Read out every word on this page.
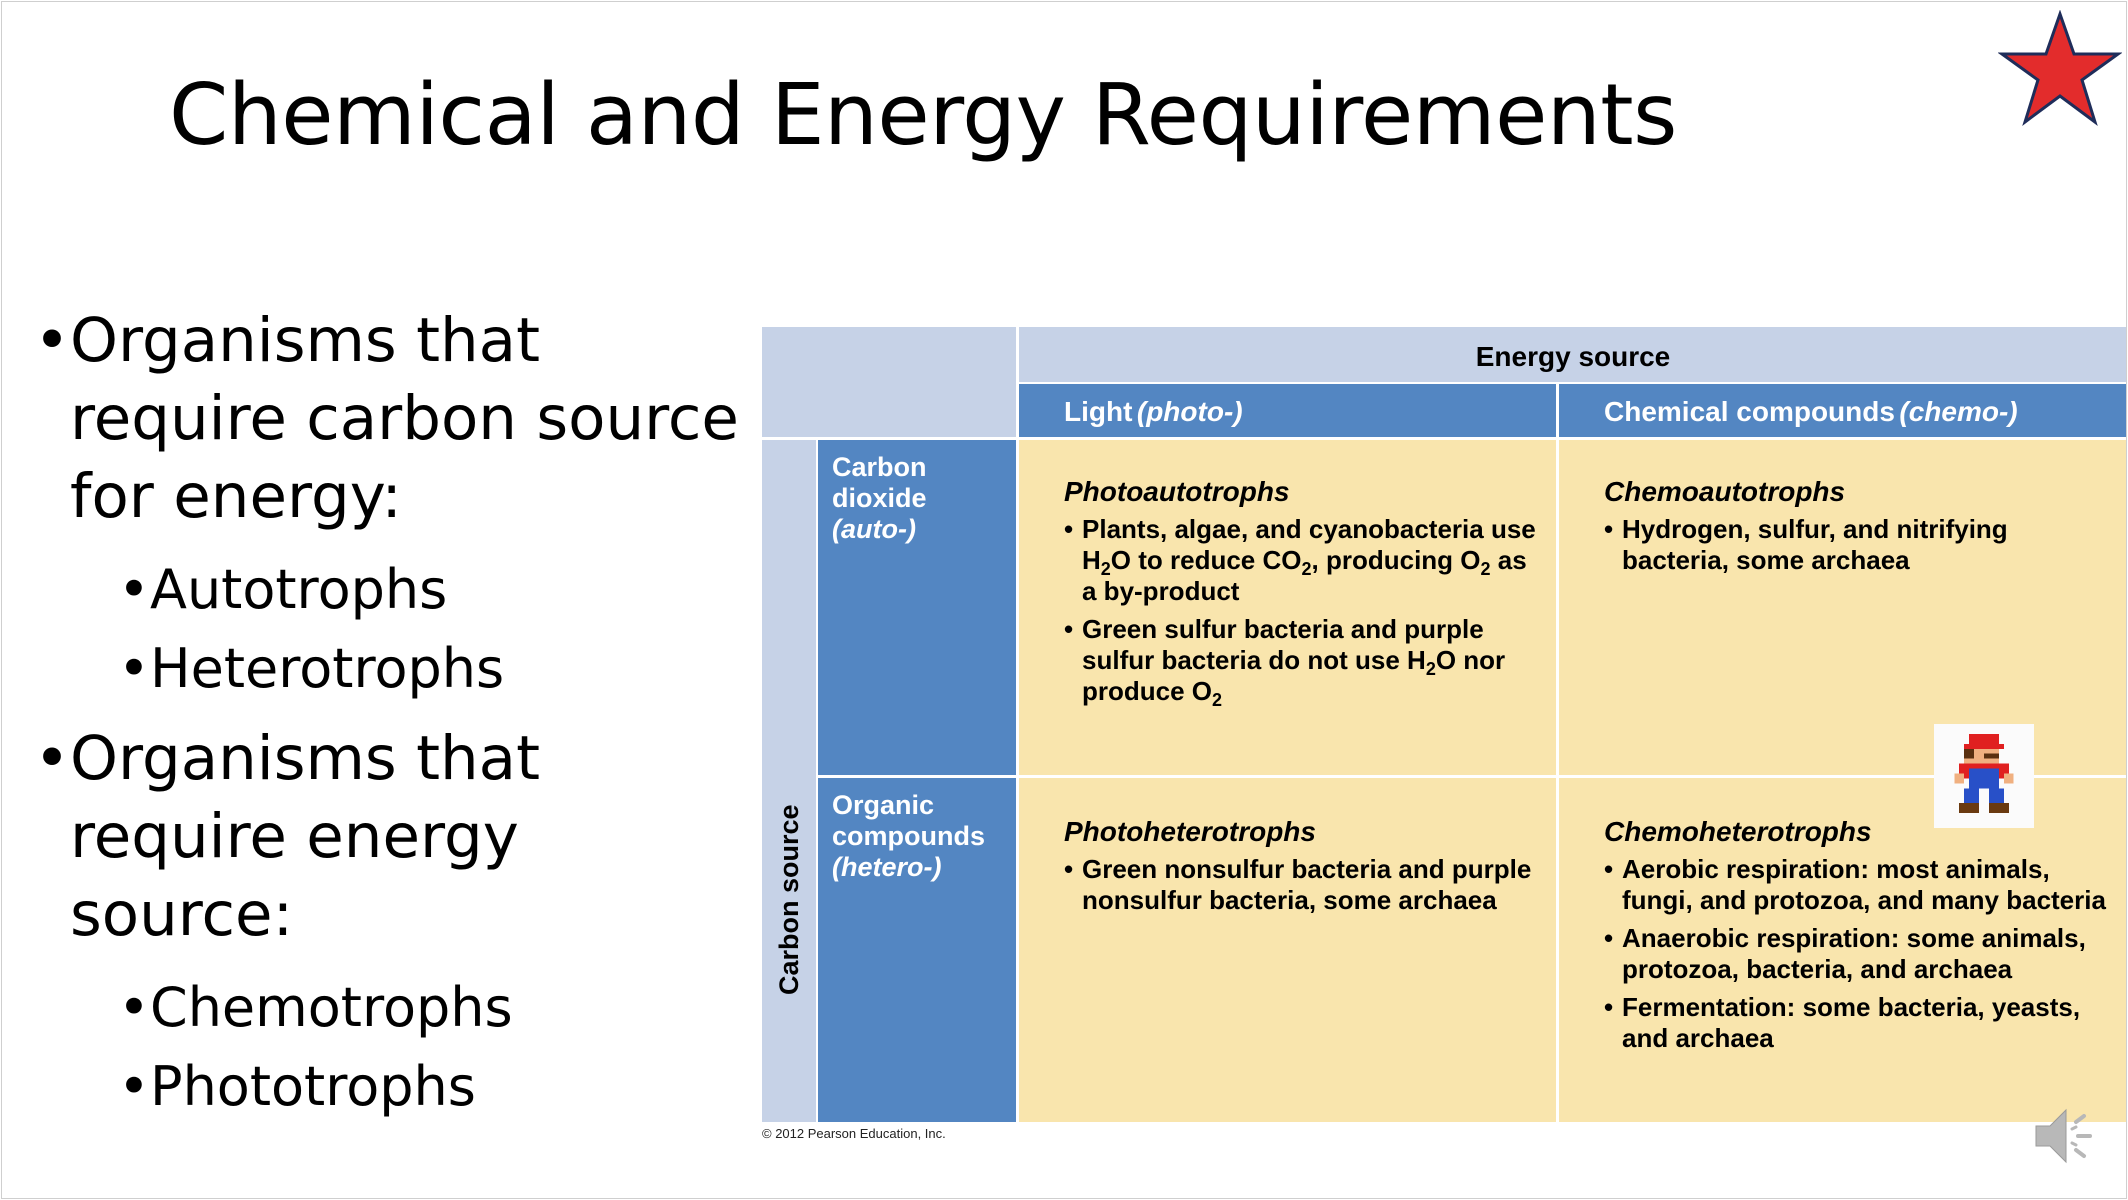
Chemical and Energy Requirements
• Organisms that require carbon source for energy:
• Autotrophs
• Heterotrophs
• Organisms that require energy source:
• Chemotrophs
• Phototrophs
Energy source
Light (photo-)	Chemical compounds (chemo-)
Carbon source
Carbon dioxide
(auto-)
Organic compounds
(hetero-)
Photoautotrophs
• Plants, algae, and cyanobacteria use $H_2O$ to reduce $CO_2$, producing $O_2$ as a by-product
• Green sulfur bacteria and purple sulfur bacteria do not use $H_2O$ nor produce $O_2$
Chemoautotrophs
• Hydrogen, sulfur, and nitrifying bacteria, some archaea
Photoheterotrophs
• Green nonsulfur bacteria and purple nonsulfur bacteria, some archaea
Chemoheterotrophs
• Aerobic respiration: most animals, fungi, and protozoa, and many bacteria
• Anaerobic respiration: some animals, protozoa, bacteria, and archaea
• Fermentation: some bacteria, yeasts, and archaea
© 2012 Pearson Education, Inc.
